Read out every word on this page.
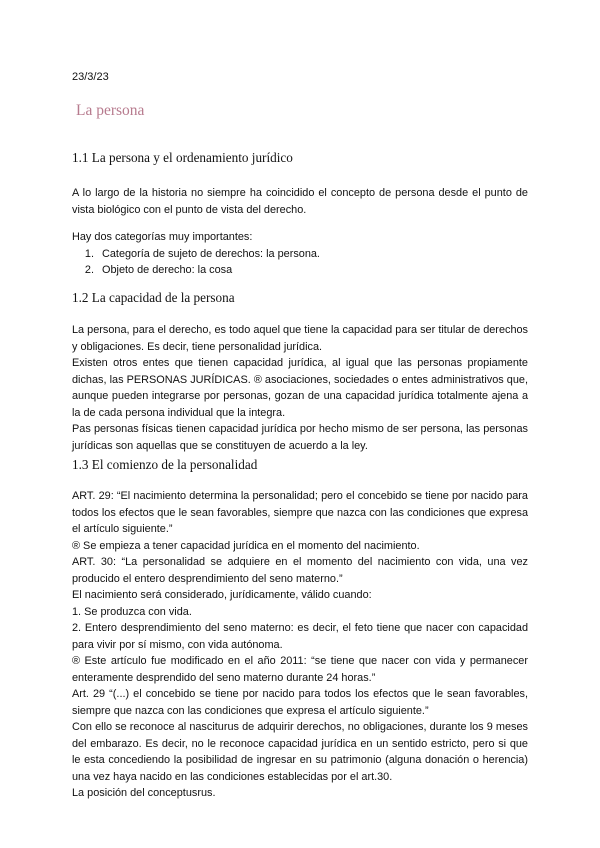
23/3/23
La persona
1.1 La persona y el ordenamiento jurídico
A lo largo de la historia no siempre ha coincidido el concepto de persona desde el punto de vista biológico con el punto de vista del derecho.

Hay dos categorías muy importantes:

1. Categoría de sujeto de derechos: la persona.
2. Objeto de derecho: la cosa
1.2 La capacidad de la persona

La persona, para el derecho, es todo aquel que tiene la capacidad para ser titular de derechos y obligaciones. Es decir, tiene personalidad jurídica.

Existen otros entes que tienen capacidad jurídica, al igual que las personas propiamente dichas, las PERSONAS JURÍDICAS. ® asociaciones, sociedades o entes administrativos que, aunque pueden integrarse por personas, gozan de una capacidad jurídica totalmente ajena a la de cada persona individual que la integra.

Pas personas físicas tienen capacidad jurídica por hecho mismo de ser persona, las personas jurídicas son aquellas que se constituyen de acuerdo a la ley.

1.3 El comienzo de la personalidad

ART. 29: “El nacimiento determina la personalidad; pero el concebido se tiene por nacido para todos los efectos que le sean favorables, siempre que nazca con las condiciones que expresa el artículo siguiente.”

® Se empieza a tener capacidad jurídica en el momento del nacimiento.

ART. 30: “La personalidad se adquiere en el momento del nacimiento con vida, una vez producido el entero desprendimiento del seno materno.”

El nacimiento será considerado, jurídicamente, válido cuando:

1. Se produzca con vida.

2. Entero desprendimiento del seno materno: es decir, el feto tiene que nacer con capacidad para vivir por sí mismo, con vida autónoma.

® Este artículo fue modificado en el año 2011: “se tiene que nacer con vida y permanecer enteramente desprendido del seno materno durante 24 horas.”

Art. 29 “(...) el concebido se tiene por nacido para todos los efectos que le sean favorables, siempre que nazca con las condiciones que expresa el artículo siguiente.”

Con ello se reconoce al nasciturus de adquirir derechos, no obligaciones, durante los 9 meses del embarazo. Es decir, no le reconoce capacidad jurídica en un sentido estricto, pero si que le esta concediendo la posibilidad de ingresar en su patrimonio (alguna donación o herencia) una vez haya nacido en las condiciones establecidas por el art.30.

La posición del conceptusrus.
